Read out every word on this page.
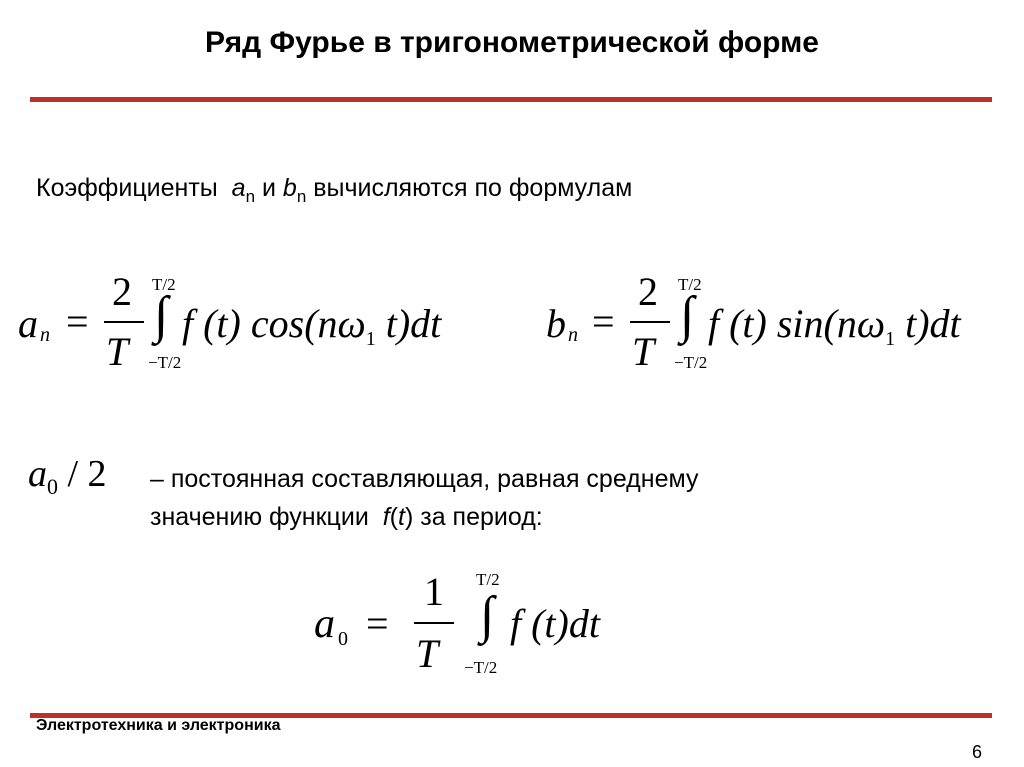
Ряд Фурье в тригонометрической форме
Коэффициенты $a_n$ и $b_n$ вычисляются по формулам
a n =
2
T
∫
T/2
−T/2
f (t) $\cos(n\omega_1$ t)dt	b n =
2
T
∫
T/2
−T/2
f (t) $\sin(n\omega_1$ t)dt
$a_0 / 2$ – постоянная составляющая, равная среднему
значению функции f(t) за период:
a 0 =
1
T
∫
T/2
−T/2
f (t)dt
Электротехника и электроника
6
